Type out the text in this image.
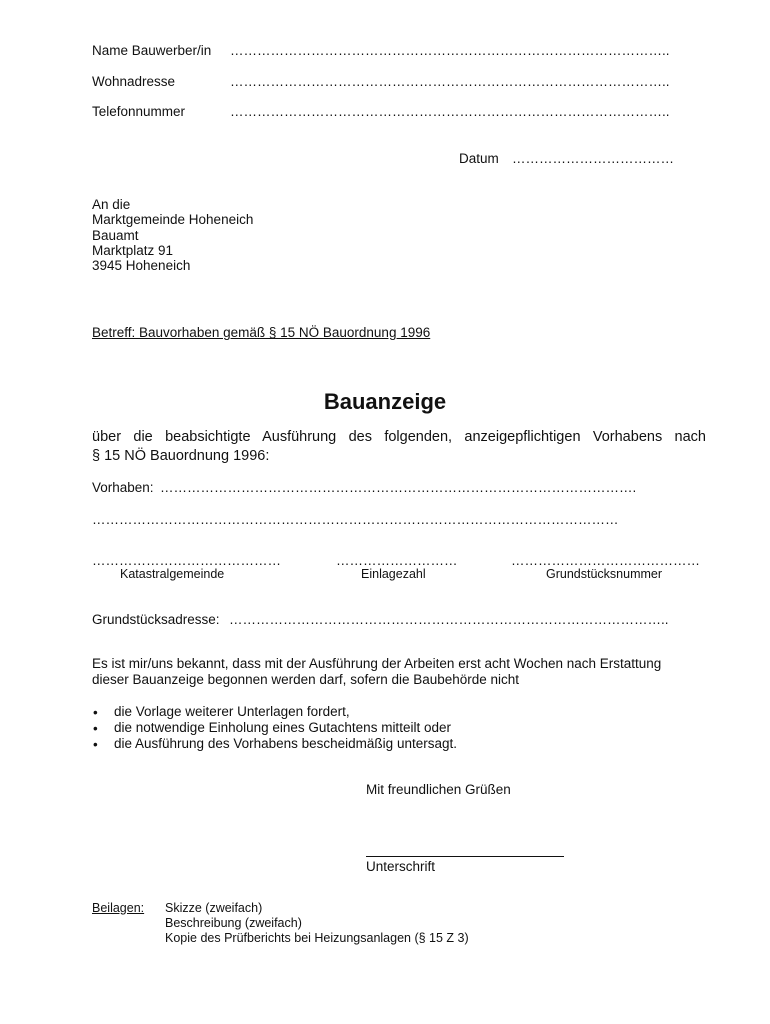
Name Bauwerber/in ……………………………………………………………………………………..
Wohnadresse	……………………………………………………………………………………..
Telefonnummer	……………………………………………………………………………………..
Datum ………………………………
An die
Marktgemeinde Hoheneich
Bauamt
Marktplatz 91
3945 Hoheneich
Betreff: Bauvorhaben gemäß § 15 NÖ Bauordnung 1996
Bauanzeige
über die beabsichtigte Ausführung des folgenden, anzeigepflichtigen Vorhabens nach
§ 15 NÖ Bauordnung 1996:
Vorhaben: …………………………………………………………………………………………….
………………………………………………………………………………………………………
……………………………………
Katastralgemeinde
………………………
Einlagezahl
……………………………………
Grundstücksnummer
Grundstücksadresse: ……………………………………………………………………………………..
Es ist mir/uns bekannt, dass mit der Ausführung der Arbeiten erst acht Wochen nach Erstattung
dieser Bauanzeige begonnen werden darf, sofern die Baubehörde nicht
• die Vorlage weiterer Unterlagen fordert,
• die notwendige Einholung eines Gutachtens mitteilt oder
• die Ausführung des Vorhabens bescheidmäßig untersagt.
Mit freundlichen Grüßen
Unterschrift
Beilagen: Skizze (zweifach)
Beschreibung (zweifach)
Kopie des Prüfberichts bei Heizungsanlagen (§ 15 Z 3)
